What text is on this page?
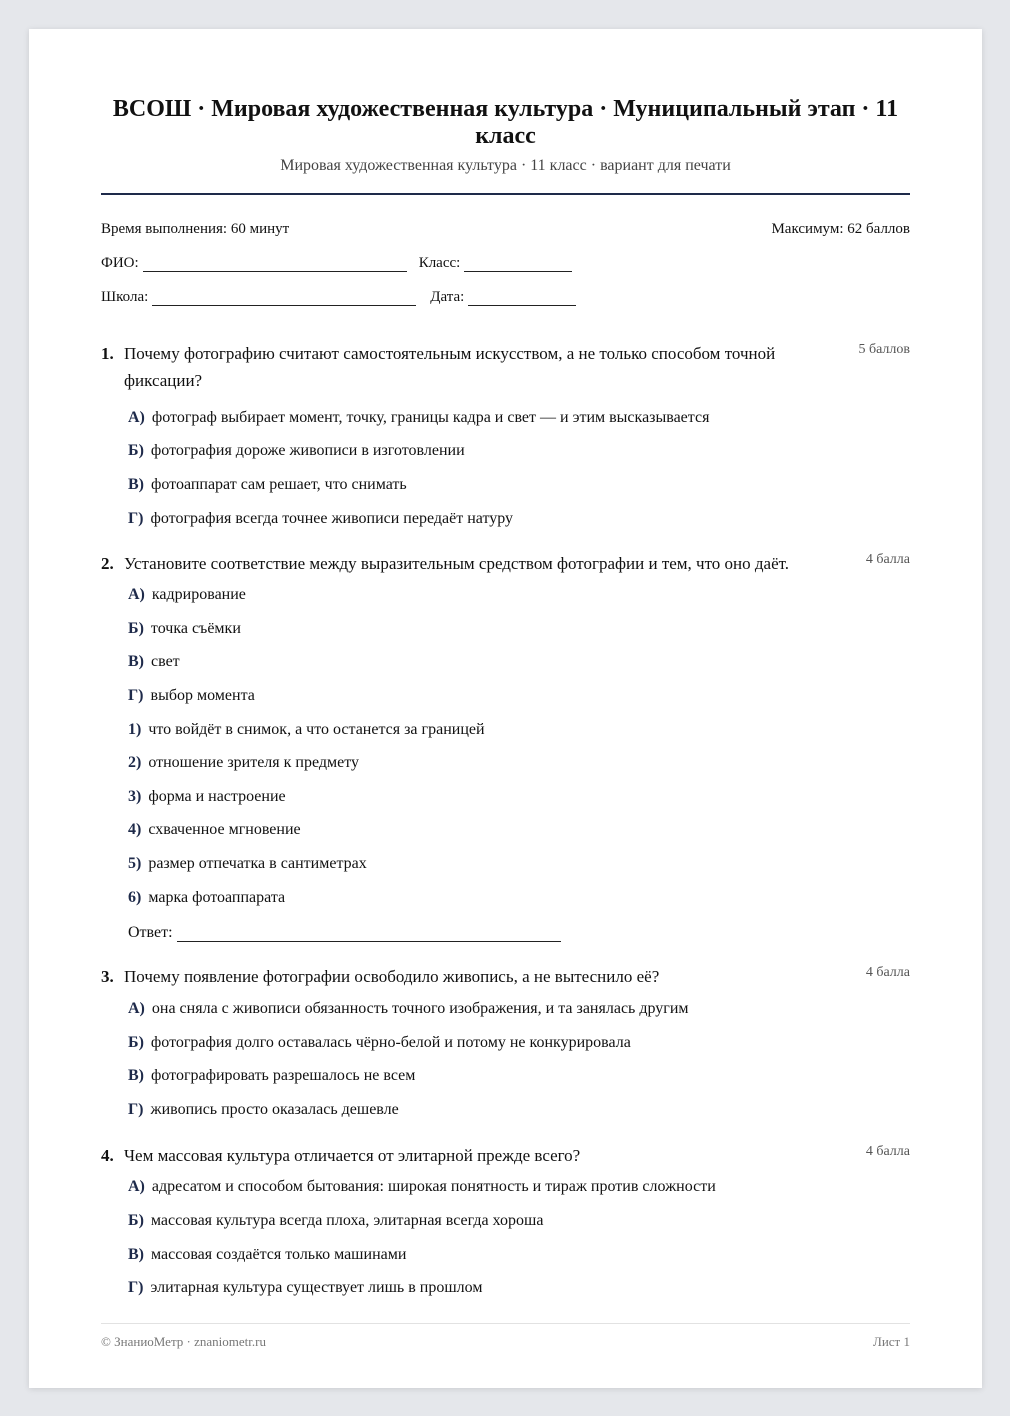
ВСОШ · Мировая художественная культура · Муниципальный этап · 11 класс
Мировая художественная культура · 11 класс · вариант для печати
Время выполнения: 60 минут	Максимум: 62 баллов
ФИО:	Класс:
Школа:	Дата:
1. Почему фотографию считают самостоятельным искусством, а не только способом точной фиксации?
5 баллов
А) фотограф выбирает момент, точку, границы кадра и свет — и этим высказывается
Б) фотография дороже живописи в изготовлении
В) фотоаппарат сам решает, что снимать
Г) фотография всегда точнее живописи передаёт натуру
2. Установите соответствие между выразительным средством фотографии и тем, что оно даёт.	4 балла
А) кадрирование
Б) точка съёмки
В) свет
Г) выбор момента
1) что войдёт в снимок, а что останется за границей
2) отношение зрителя к предмету
3) форма и настроение
4) схваченное мгновение
5) размер отпечатка в сантиметрах
6) марка фотоаппарата
Ответ:
3. Почему появление фотографии освободило живопись, а не вытеснило её?	4 балла
А) она сняла с живописи обязанность точного изображения, и та занялась другим
Б) фотография долго оставалась чёрно-белой и потому не конкурировала
В) фотографировать разрешалось не всем
Г) живопись просто оказалась дешевле
4. Чем массовая культура отличается от элитарной прежде всего?	4 балла
А) адресатом и способом бытования: широкая понятность и тираж против сложности
Б) массовая культура всегда плоха, элитарная всегда хороша
В) массовая создаётся только машинами
Г) элитарная культура существует лишь в прошлом
© ЗнаниоМетр · znaniometr.ru	Лист 1
